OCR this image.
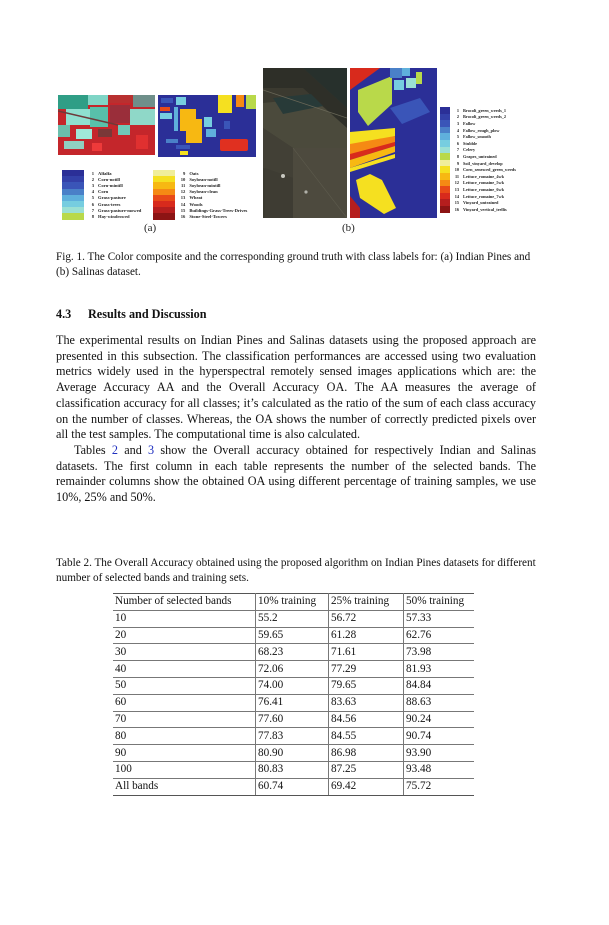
1 Alfalfa
2 Corn-notill
3 Corn-mintill
4 Corn
5 Grass-pasture
6 Grass-trees
7 Grass-pasture-mowed
8 Hay-windrowed
9 Oats
10 Soybean-notill
11 Soybean-mintill
12 Soybean-clean
13 Wheat
14 Woods
15 Buildings-Grass-Trees-Drives
16 Stone-Steel-Towers
(a)
1 Brocoli_green_weeds_1
2 Brocoli_green_weeds_2
3 Fallow
4 Fallow_rough_plow
5 Fallow_smooth
6 Stubble
7 Celery
8 Grapes_untrained
9 Soil_vinyard_develop
10 Corn_senesced_green_weeds
11 Lettuce_romaine_4wk
12 Lettuce_romaine_5wk
13 Lettuce_romaine_6wk
14 Lettuce_romaine_7wk
15 Vinyard_untrained
16 Vinyard_vertical_trellis
(b)
Fig. 1. The Color composite and the corresponding ground truth with class labels for: (a) Indian Pines and (b) Salinas dataset.
4.3 Results and Discussion

The experimental results on Indian Pines and Salinas datasets using the proposed approach are presented in this subsection. The classification performances are accessed using two evaluation metrics widely used in the hyperspectral remotely sensed images applications which are: the Average Accuracy AA and the Overall Accuracy OA. The AA measures the average of classification accuracy for all classes; it’s calculated as the ratio of the sum of each class accuracy on the number of classes. Whereas, the OA shows the number of correctly predicted pixels over all the test samples. The computational time is also calculated.

Tables 2 and 3 show the Overall accuracy obtained for respectively Indian and Salinas datasets. The first column in each table represents the number of the selected bands. The remainder columns show the obtained OA using different percentage of training samples, we use 10%, 25% and 50%.

Table 2. The Overall Accuracy obtained using the proposed algorithm on Indian Pines datasets for different number of selected bands and training sets.
Number of selected bands	10% training	25% training	50% training
10	55.2	56.72	57.33
20	59.65	61.28	62.76
30	68.23	71.61	73.98
40	72.06	77.29	81.93
50	74.00	79.65	84.84
60	76.41	83.63	88.63
70	77.60	84.56	90.24
80	77.83	84.55	90.74
90	80.90	86.98	93.90
100	80.83	87.25	93.48
All bands	60.74	69.42	75.72
